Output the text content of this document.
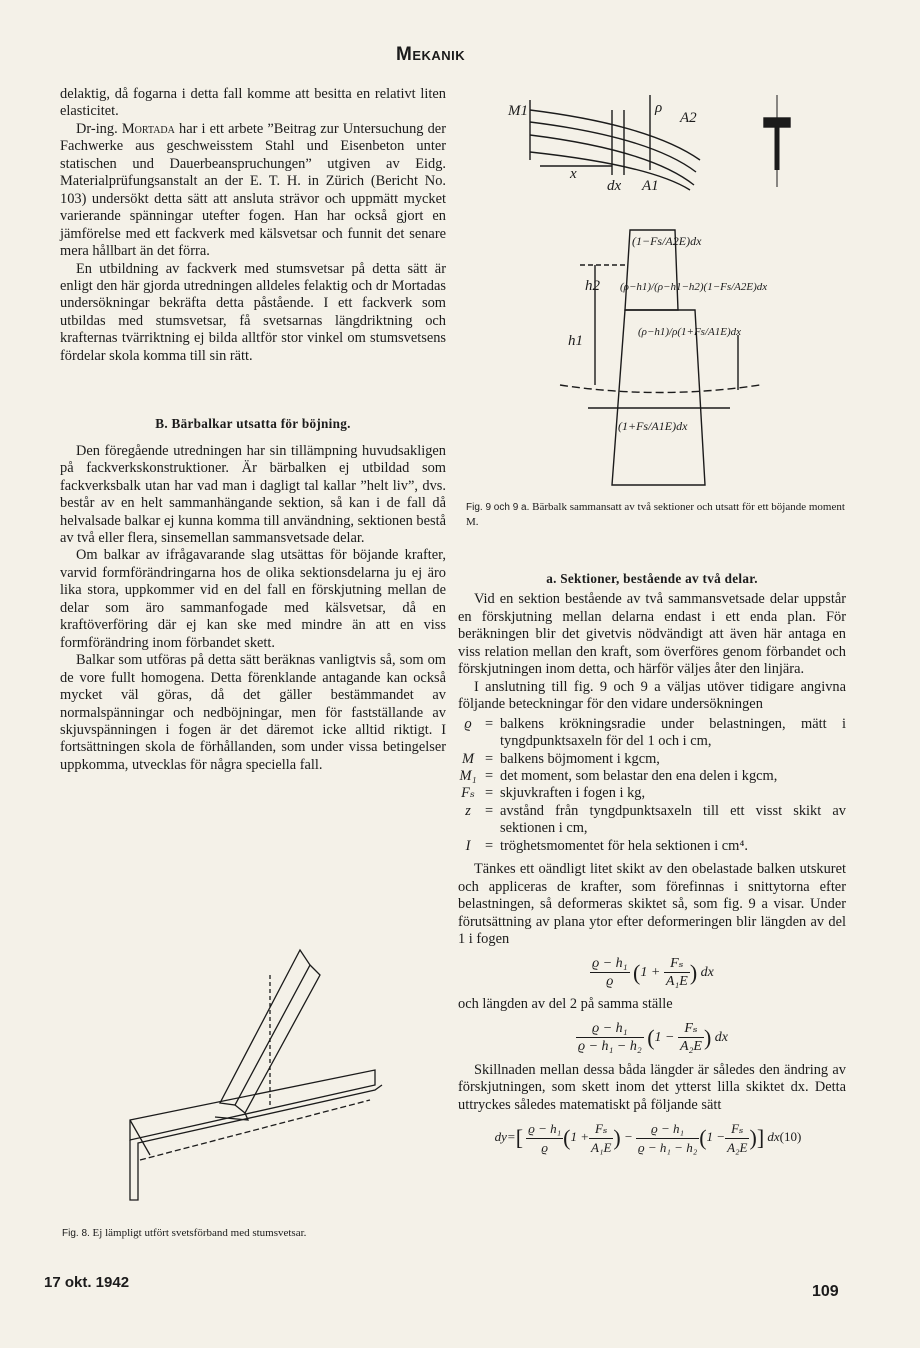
Mekanik

delaktig, då fogarna i detta fall komme att besitta en relativt liten elasticitet.

Dr-ing. Mortada har i ett arbete ”Beitrag zur Untersuchung der Fachwerke aus geschweisstem Stahl und Eisenbeton unter statischen und Dauerbeanspruchungen” utgiven av Eidg. Materialprüfungsanstalt an der E. T. H. in Zürich (Bericht No. 103) undersökt detta sätt att ansluta strävor och uppmätt mycket varierande spänningar utefter fogen. Han har också gjort en jämförelse med ett fackverk med kälsvetsar och funnit det senare mera hållbart än det förra.

En utbildning av fackverk med stumsvetsar på detta sätt är enligt den här gjorda utredningen alldeles felaktig och dr Mortadas undersökningar bekräfta detta påstående. I ett fackverk som utbildas med stumsvetsar, få svetsarnas längdriktning och krafternas tvärriktning ej bilda alltför stor vinkel om stumsvetsens fördelar skola komma till sin rätt.

B. Bärbalkar utsatta för böjning.

Den föregående utredningen har sin tillämpning huvudsakligen på fackverkskonstruktioner. Är bärbalken ej utbildad som fackverksbalk utan har vad man i dagligt tal kallar ”helt liv”, dvs. består av en helt sammanhängande sektion, så kan i de fall då helvalsade balkar ej kunna komma till användning, sektionen bestå av två eller flera, sinsemellan sammansvetsade delar.

Om balkar av ifrågavarande slag utsättas för böjande krafter, varvid formförändringarna hos de olika sektionsdelarna ju ej äro lika stora, uppkommer vid en del fall en förskjutning mellan de delar som äro sammanfogade med kälsvetsar, då en kraftöverföring där ej kan ske med mindre än att en viss formförändring inom förbandet skett.

Balkar som utföras på detta sätt beräknas vanligtvis så, som om de vore fullt homogena. Detta förenklande antagande kan också mycket väl göras, då det gäller bestämmandet av normalspänningar och nedböjningar, men för fastställande av skjuvspänningen i fogen är det däremot icke alltid riktigt. I fortsättningen skola de förhållanden, som under vissa betingelser uppkomma, utvecklas för några speciella fall.

M1	ρ
A2
x
dx A1
h2
h1
(1−Fs/A2E)dx
(ρ−h1)/(ρ−h1−h2)(1−Fs/A2E)dx
(ρ−h1)/ρ(1+Fs/A1E)dx
(1+Fs/A1E)dx
Fig. 9 och 9 a. Bärbalk sammansatt av två sektioner och utsatt för ett böjande moment M.
Fig. 8. Ej lämpligt utfört svetsförband med stumsvetsar.
a. Sektioner, bestående av två delar.

Vid en sektion bestående av två sammansvetsade delar uppstår en förskjutning mellan delarna endast i ett enda plan. För beräkningen blir det givetvis nödvändigt att även här antaga en viss relation mellan den kraft, som överföres genom förbandet och förskjutningen inom detta, och härför väljes åter den linjära.

I anslutning till fig. 9 och 9 a väljas utöver tidigare angivna följande beteckningar för den vidare undersökningen

ϱ = balkens krökningsradie under belastningen, mätt i tyngdpunktsaxeln för del 1 och i cm,
M = balkens böjmoment i kgcm,
M₁ = det moment, som belastar den ena delen i kgcm,
Fₛ = skjuvkraften i fogen i kg,
z = avstånd från tyngdpunktsaxeln till ett visst skikt av sektionen i cm,
I	= tröghetsmomentet för hela sektionen i cm⁴.

Tänkes ett oändligt litet skikt av den obelastade balken utskuret och appliceras de krafter, som förefinnas i snittytorna efter belastningen, så deformeras skiktet så, som fig. 9 a visar. Under förutsättning av plana ytor efter deformeringen blir längden av del 1 i fogen

$\frac{\text{ϱ − h₁}}{ϱ} (1 + \frac{\text{Fₛ}}{\text{A₁E}}$ ) dx

och längden av del 2 på samma ställe

$\frac{\text{ϱ − h₁}}{\text{ϱ − h₁ − h₂}} (1 - \frac{\text{Fₛ}}{\text{A₂E}}$ ) dx

Skillnaden mellan dessa båda längder är således den ändring av förskjutningen, som skett inom det ytterst lilla skiktet dx. Detta uttryckes således matematiskt på följande sätt

$dy=[ \frac{\text{ϱ − h₁}}{ϱ} (1 + \frac{\text{Fₛ}}{\text{A₁E}}$ ) − $\frac{\text{ϱ − h₁}}{\text{ϱ − h₁ − h₂}} (1 - \frac{\text{Fₛ}}{\text{A₂E}}$ )] dx(10)
17 okt. 1942
109
